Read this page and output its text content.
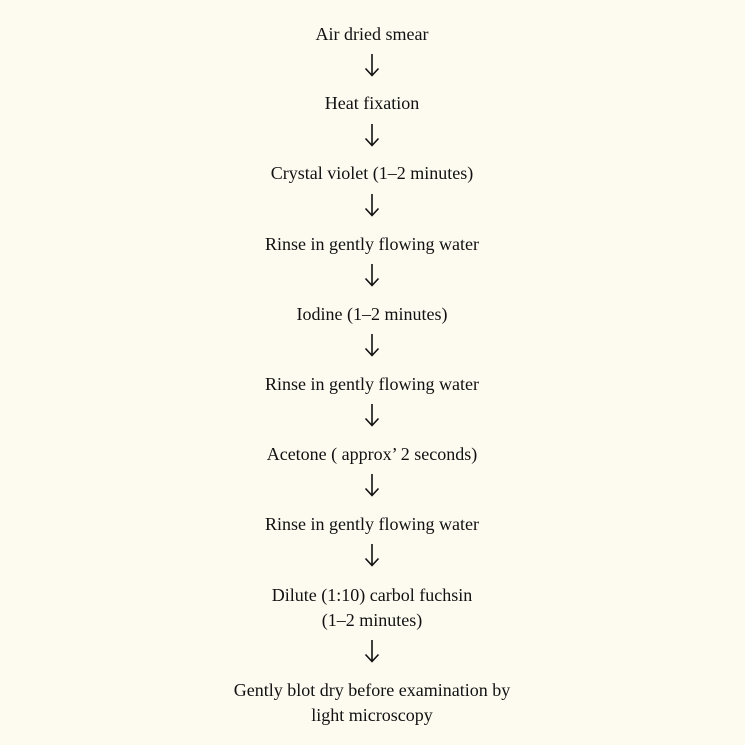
Air dried smear
Heat fixation
Crystal violet (1–2 minutes)
Rinse in gently flowing water
Iodine (1–2 minutes)
Rinse in gently flowing water
Acetone ( approx’ 2 seconds)
Rinse in gently flowing water
Dilute (1:10) carbol fuchsin
(1–2 minutes)
Gently blot dry before examination by
light microscopy
